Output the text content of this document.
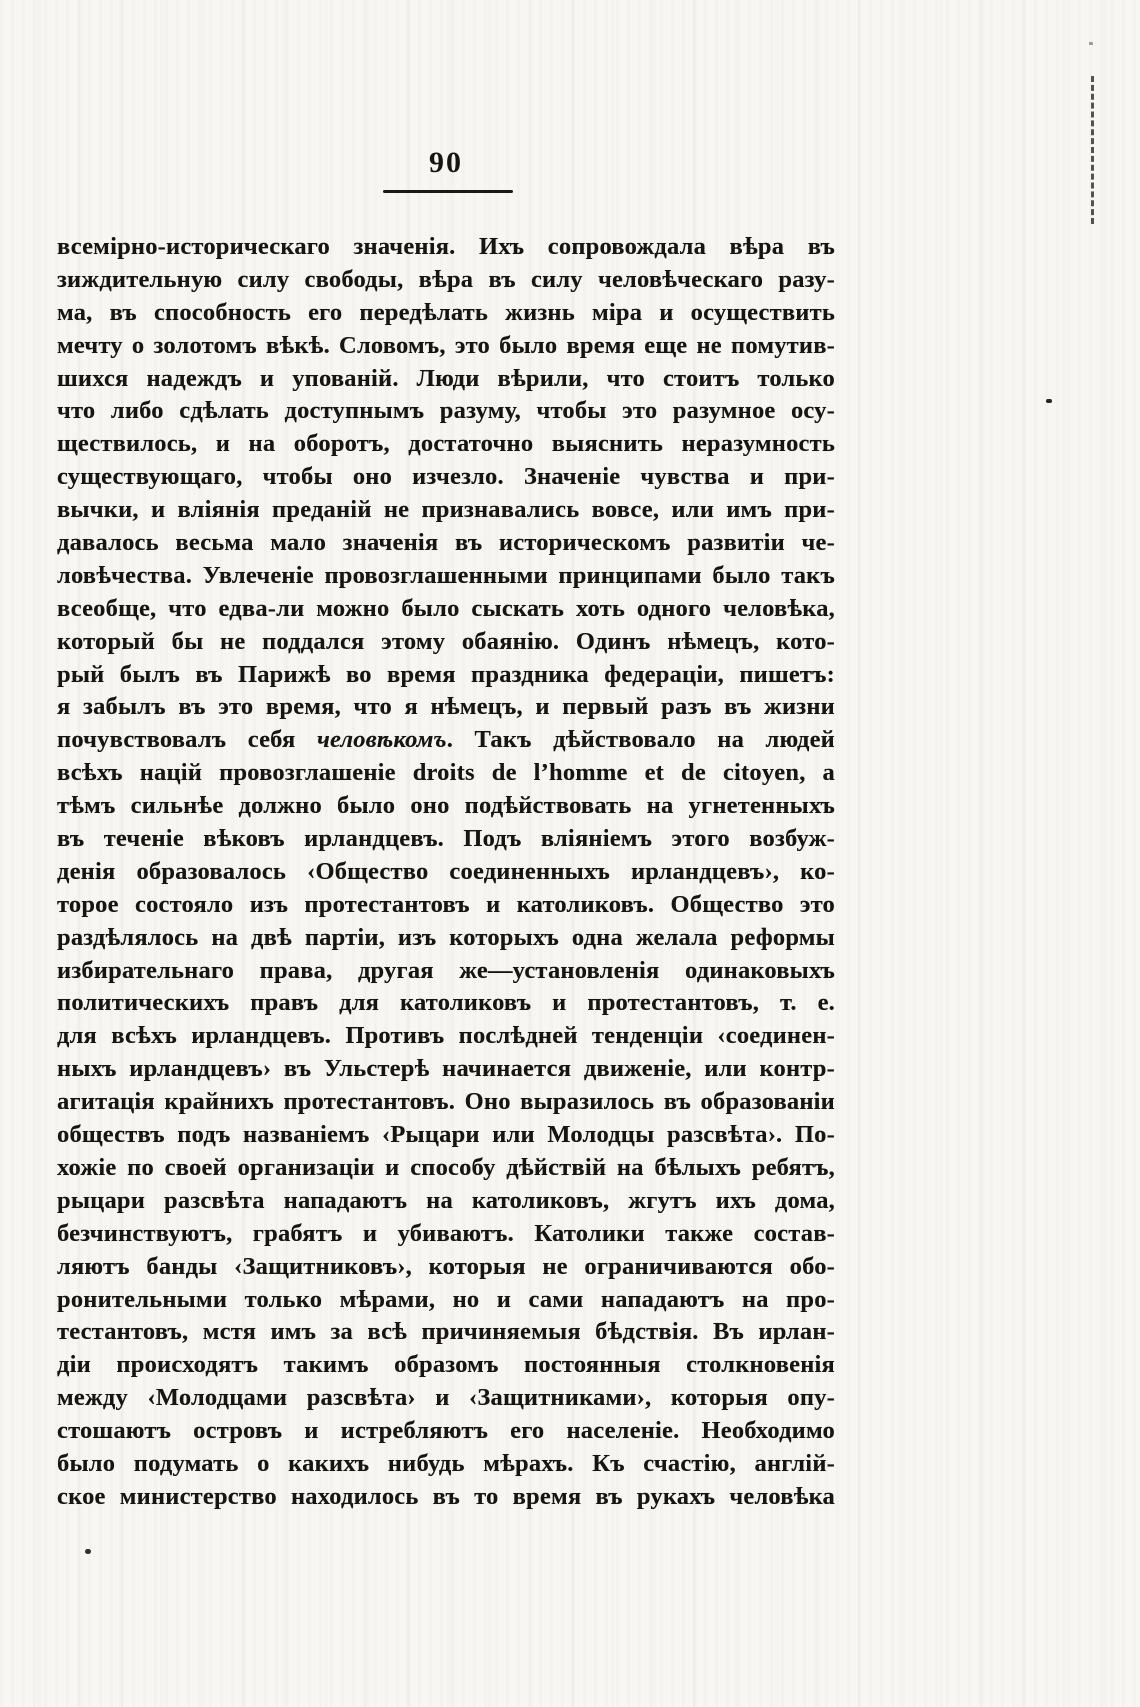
90
всемірно-историческаго значенія. Ихъ сопровождала вѣра въ
зиждительную силу свободы, вѣра въ силу человѣческаго разу-
ма, въ способность его передѣлать жизнь міра и осуществить
мечту о золотомъ вѣкѣ. Словомъ, это было время еще не помутив-
шихся надеждъ и упованій. Люди вѣрили, что стоитъ только
что либо сдѣлать доступнымъ разуму, чтобы это разумное осу-
ществилось, и на оборотъ, достаточно выяснить неразумность
существующаго, чтобы оно изчезло. Значеніе чувства и при-
вычки, и вліянія преданій не признавались вовсе, или имъ при-
давалось весьма мало значенія въ историческомъ развитіи че-
ловѣчества. Увлеченіе провозглашенными принципами было такъ
всеобще, что едва-ли можно было сыскать хоть одного человѣка,
который бы не поддался этому обаянію. Одинъ нѣмецъ, кото-
рый былъ въ Парижѣ во время праздника федераціи, пишетъ:
я забылъ въ это время, что я нѣмецъ, и первый разъ въ жизни
почувствовалъ себя человѣкомъ. Такъ дѣйствовало на людей
всѣхъ націй провозглашеніе droits de l’homme et de citoyen, а
тѣмъ сильнѣе должно было оно подѣйствовать на угнетенныхъ
въ теченіе вѣковъ ирландцевъ. Подъ вліяніемъ этого возбуж-
денія образовалось ‹Общество соединенныхъ ирландцевъ›, ко-
торое состояло изъ протестантовъ и католиковъ. Общество это
раздѣлялось на двѣ партіи, изъ которыхъ одна желала реформы
избирательнаго права, другая же—установленія одинаковыхъ
политическихъ правъ для католиковъ и протестантовъ, т. е.
для всѣхъ ирландцевъ. Противъ послѣдней тенденціи ‹соединен-
ныхъ ирландцевъ› въ Ульстерѣ начинается движеніе, или контр-
агитація крайнихъ протестантовъ. Оно выразилось въ образованіи
обществъ подъ названіемъ ‹Рыцари или Молодцы разсвѣта›. По-
хожіе по своей организаціи и способу дѣйствій на бѣлыхъ ребятъ,
рыцари разсвѣта нападаютъ на католиковъ, жгутъ ихъ дома,
безчинствуютъ, грабятъ и убиваютъ. Католики также состав-
ляютъ банды ‹Защитниковъ›, которыя не ограничиваются обо-
ронительными только мѣрами, но и сами нападаютъ на про-
тестантовъ, мстя имъ за всѣ причиняемыя бѣдствія. Въ ирлан-
діи происходятъ такимъ образомъ постоянныя столкновенія
между ‹Молодцами разсвѣта› и ‹Защитниками›, которыя опу-
стошаютъ островъ и истребляютъ его населеніе. Необходимо
было подумать о какихъ нибудь мѣрахъ. Къ счастію, англій-
ское министерство находилось въ то время въ рукахъ человѣка
